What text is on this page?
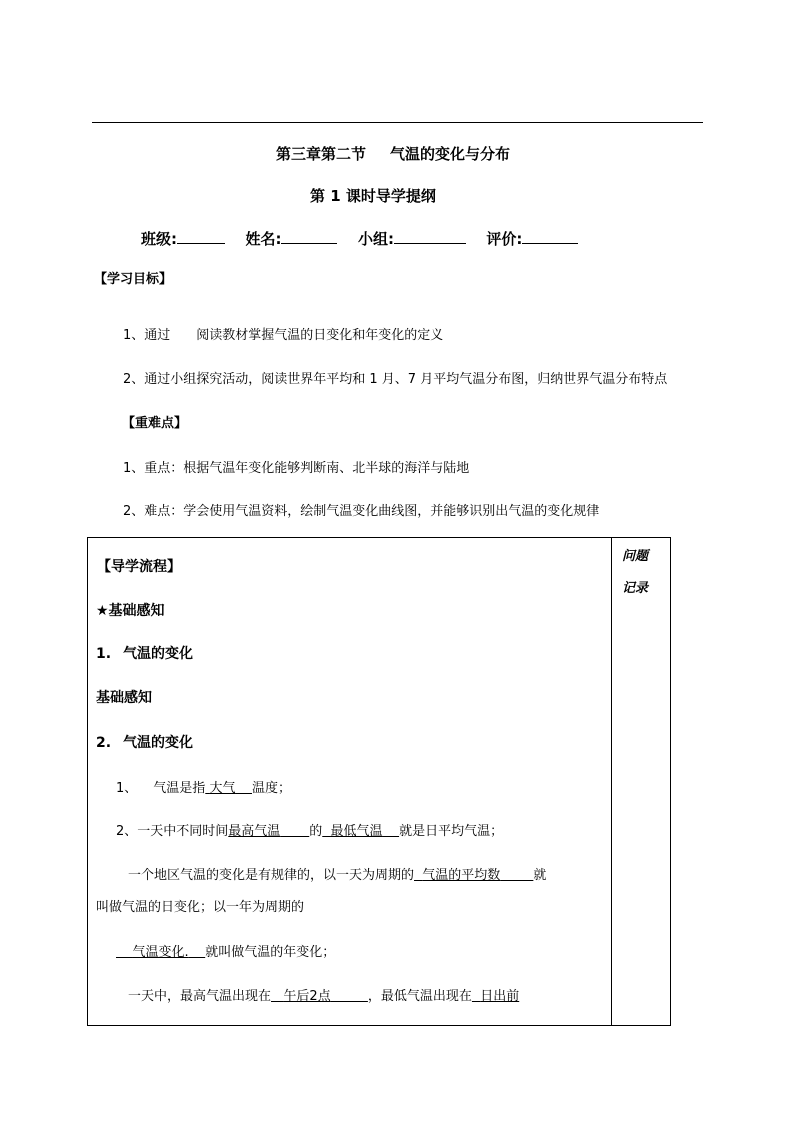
第三章第二节 气温的变化与分布
第 1 课时导学提纲
班级:	姓名:	小组:	评价:
【学习目标】
1、通过 阅读教材掌握气温的日变化和年变化的定义
2、通过小组探究活动，阅读世界年平均和 1 月、7 月平均气温分布图，归纳世界气温分布特点
【重难点】
1、重点：根据气温年变化能够判断南、北半球的海洋与陆地
2、难点：学会使用气温资料，绘制气温变化曲线图，并能够识别出气温的变化规律
问题
记录
【导学流程】
★基础感知
1. 气温的变化
基础感知
2. 气温的变化
1、 气温是指 大气 温度；
2、一天中不同时间最高气温 的 最低气温 就是日平均气温；
一个地区气温的变化是有规律的，以一天为周期的 气温的平均数	就
叫做气温的日变化；以一年为周期的
气温变化. 就叫做气温的年变化；
一天中，最高气温出现在 午后2点	，最低气温出现在 日出前
